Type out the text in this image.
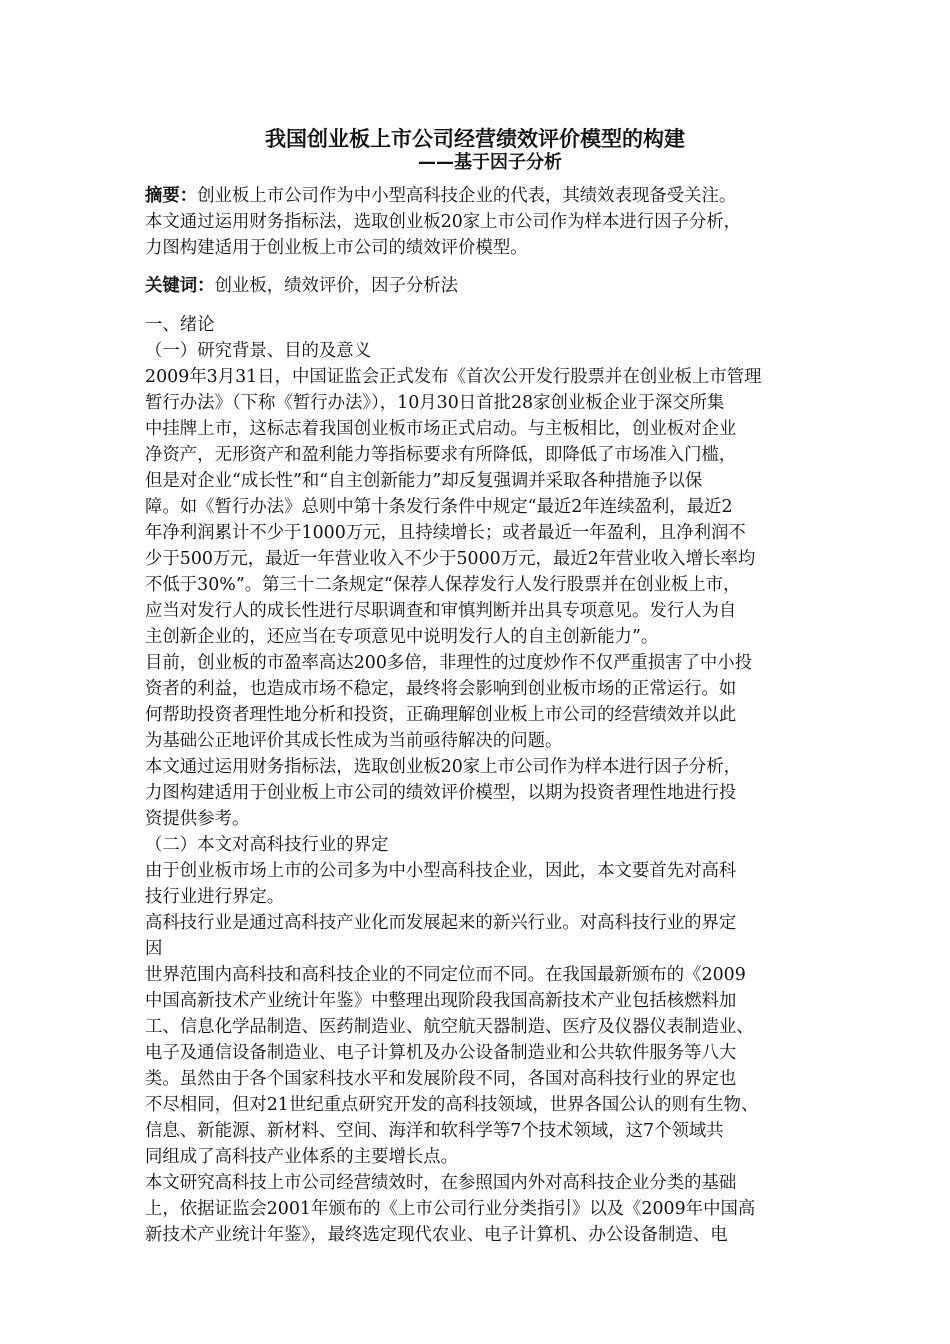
我国创业板上市公司经营绩效评价模型的构建
——基于因子分析
摘要：创业板上市公司作为中小型高科技企业的代表，其绩效表现备受关注。
本文通过运用财务指标法，选取创业板20家上市公司作为样本进行因子分析，
力图构建适用于创业板上市公司的绩效评价模型。
关键词：创业板，绩效评价，因子分析法
一、绪论
（一）研究背景、目的及意义
2009年3月31日，中国证监会正式发布《首次公开发行股票并在创业板上市管理
暂行办法》（下称《暂行办法》），10月30日首批28家创业板企业于深交所集
中挂牌上市，这标志着我国创业板市场正式启动。与主板相比，创业板对企业
净资产，无形资产和盈利能力等指标要求有所降低，即降低了市场准入门槛，
但是对企业“成长性”和“自主创新能力”却反复强调并采取各种措施予以保
障。如《暂行办法》总则中第十条发行条件中规定“最近2年连续盈利，最近2
年净利润累计不少于1000万元，且持续增长；或者最近一年盈利，且净利润不
少于500万元，最近一年营业收入不少于5000万元，最近2年营业收入增长率均
不低于30%”。第三十二条规定“保荐人保荐发行人发行股票并在创业板上市，
应当对发行人的成长性进行尽职调查和审慎判断并出具专项意见。发行人为自
主创新企业的，还应当在专项意见中说明发行人的自主创新能力”。
目前，创业板的市盈率高达200多倍，非理性的过度炒作不仅严重损害了中小投
资者的利益，也造成市场不稳定，最终将会影响到创业板市场的正常运行。如
何帮助投资者理性地分析和投资，正确理解创业板上市公司的经营绩效并以此
为基础公正地评价其成长性成为当前亟待解决的问题。
本文通过运用财务指标法，选取创业板20家上市公司作为样本进行因子分析，
力图构建适用于创业板上市公司的绩效评价模型，以期为投资者理性地进行投
资提供参考。
（二）本文对高科技行业的界定
由于创业板市场上市的公司多为中小型高科技企业，因此，本文要首先对高科
技行业进行界定。
高科技行业是通过高科技产业化而发展起来的新兴行业。对高科技行业的界定
因
世界范围内高科技和高科技企业的不同定位而不同。在我国最新颁布的《2009
中国高新技术产业统计年鉴》中整理出现阶段我国高新技术产业包括核燃料加
工、信息化学品制造、医药制造业、航空航天器制造、医疗及仪器仪表制造业、
电子及通信设备制造业、电子计算机及办公设备制造业和公共软件服务等八大
类。虽然由于各个国家科技水平和发展阶段不同，各国对高科技行业的界定也
不尽相同，但对21世纪重点研究开发的高科技领域，世界各国公认的则有生物、
信息、新能源、新材料、空间、海洋和软科学等7个技术领域，这7个领域共
同组成了高科技产业体系的主要增长点。
本文研究高科技上市公司经营绩效时，在参照国内外对高科技企业分类的基础
上，依据证监会2001年颁布的《上市公司行业分类指引》以及《2009年中国高
新技术产业统计年鉴》，最终选定现代农业、电子计算机、办公设备制造、电
